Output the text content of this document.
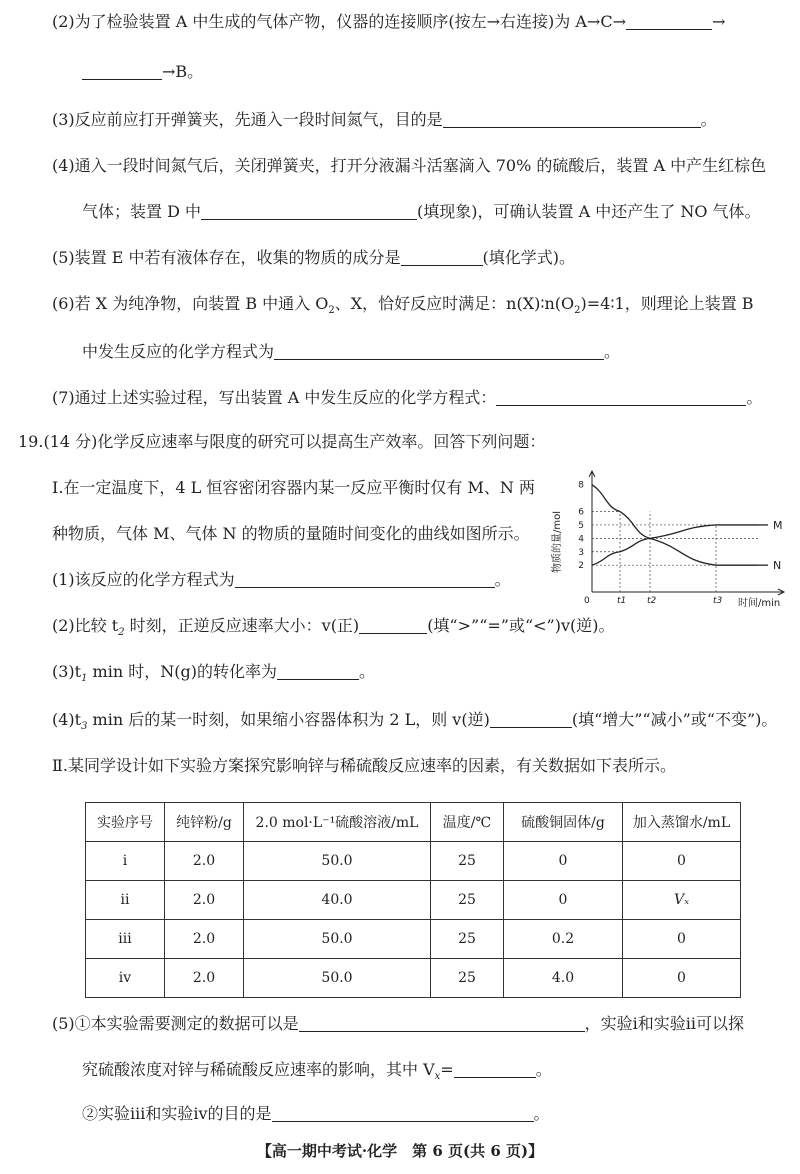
(2)为了检验装置 A 中生成的气体产物，仪器的连接顺序(按左→右连接)为 A→C→	→
→B。
(3)反应前应打开弹簧夹，先通入一段时间氮气，目的是	。
(4)通入一段时间氮气后，关闭弹簧夹，打开分液漏斗活塞滴入 70% 的硫酸后，装置 A 中产生红棕色
气体；装置 D 中	(填现象)，可确认装置 A 中还产生了 NO 气体。
(5)装置 E 中若有液体存在，收集的物质的成分是	(填化学式)。
(6)若 X 为纯净物，向装置 B 中通入 $O_2$、X，恰好反应时满足：$n(X)∶n(O_2)=4∶1$，则理论上装置 B
中发生反应的化学方程式为	。
(7)通过上述实验过程，写出装置 A 中发生反应的化学方程式：	。
19.(14 分)化学反应速率与限度的研究可以提高生产效率。回答下列问题：
Ⅰ.在一定温度下，4 L 恒容密闭容器内某一反应平衡时仅有 M、N 两
种物质，气体 M、气体 N 的物质的量随时间变化的曲线如图所示。
(1)该反应的化学方程式为	。
(2)比较 $t_2$ 时刻，正逆反应速率大小：v(正)	(填“>”“=”或“<”)v(逆)。
$(3)t_1$ min 时，N(g)的转化率为	。
$(4)t_3$ min 后的某一时刻，如果缩小容器体积为 2 L，则 v(逆)	(填“增大”“减小”或“不变”)。
Ⅱ.某同学设计如下实验方案探究影响锌与稀硫酸反应速率的因素，有关数据如下表所示。
2
3
4
5
6
8
t1 t2	t3
0	时间/min
物质的量/mol	M
N
实验序号	纯锌粉/g	2.0 mol·L⁻¹硫酸溶液/mL	温度/℃	硫酸铜固体/g	加入蒸馏水/mL
ⅰ	2.0	50.0	25	0	0
ⅱ	2.0	40.0	25	0	Vₓ
ⅲ	2.0	50.0	25	0.2	0
ⅳ	2.0	50.0	25	4.0	0
(5)①本实验需要测定的数据可以是	，实验ⅰ和实验ⅱ可以探
究硫酸浓度对锌与稀硫酸反应速率的影响，其中 $V_x=$	。
②实验ⅲ和实验ⅳ的目的是	。
【高一期中考试·化学　第 6 页(共 6 页)】
